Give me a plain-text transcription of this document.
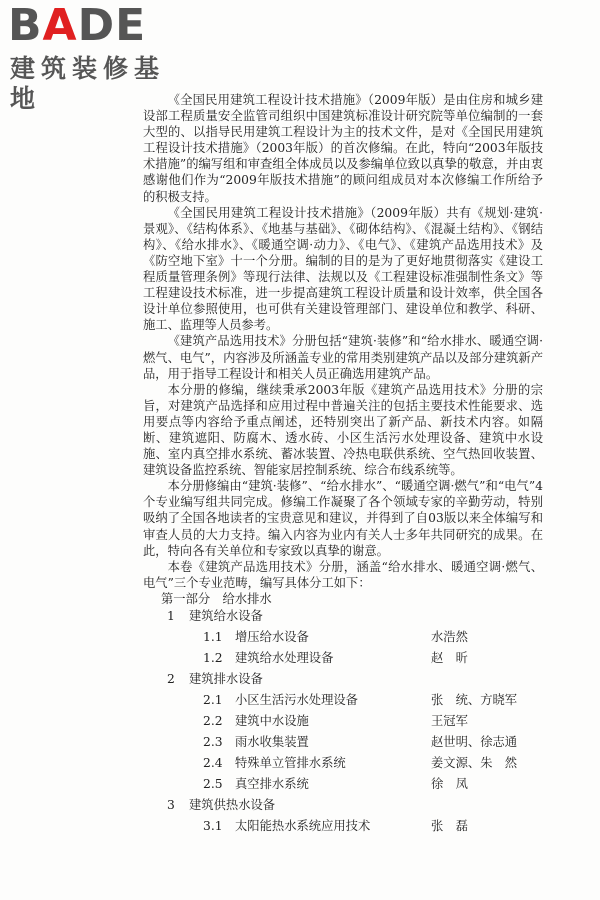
BADE
建筑装修基地	《全国民用建筑工程设计技术措施》（2009年版）是由住房和城乡建设部工程质量安全监管司组织中国建筑标准设计研究院等单位编制的一套大型的、以指导民用建筑工程设计为主的技术文件，是对《全国民用建筑工程设计技术措施》（2003年版）的首次修编。在此，特向“2003年版技术措施”的编写组和审查组全体成员以及参编单位致以真挚的敬意，并由衷感谢他们作为“2009年版技术措施”的顾问组成员对本次修编工作所给予的积极支持。

《全国民用建筑工程设计技术措施》（2009年版）共有《规划·建筑·景观》、《结构体系》、《地基与基础》、《砌体结构》、《混凝土结构》、《钢结构》、《给水排水》、《暖通空调·动力》、《电气》、《建筑产品选用技术》及《防空地下室》十一个分册。编制的目的是为了更好地贯彻落实《建设工程质量管理条例》等现行法律、法规以及《工程建设标准强制性条文》等工程建设技术标准，进一步提高建筑工程设计质量和设计效率，供全国各设计单位参照使用，也可供有关建设管理部门、建设单位和教学、科研、施工、监理等人员参考。

《建筑产品选用技术》分册包括“建筑·装修”和“给水排水、暖通空调·燃气、电气”，内容涉及所涵盖专业的常用类别建筑产品以及部分建筑新产品，用于指导工程设计和相关人员正确选用建筑产品。

本分册的修编，继续秉承2003年版《建筑产品选用技术》分册的宗旨，对建筑产品选择和应用过程中普遍关注的包括主要技术性能要求、选用要点等内容给予重点阐述，还特别突出了新产品、新技术内容。如隔断、建筑遮阳、防腐木、透水砖、小区生活污水处理设备、建筑中水设施、室内真空排水系统、蓄冰装置、冷热电联供系统、空气热回收装置、建筑设备监控系统、智能家居控制系统、综合布线系统等。

本分册修编由“建筑·装修”、“给水排水”、“暖通空调·燃气”和“电气”4个专业编写组共同完成。修编工作凝聚了各个领域专家的辛勤劳动，特别吸纳了全国各地读者的宝贵意见和建议，并得到了自03版以来全体编写和审查人员的大力支持。编入内容为业内有关人士多年共同研究的成果。在此，特向各有关单位和专家致以真挚的谢意。

本卷《建筑产品选用技术》分册，涵盖“给水排水、暖通空调·燃气、电气”三个专业范畴，编写具体分工如下：

第一部分　给水排水
1 建筑给水设备
1.1 增压给水设备	水浩然
1.2 建筑给水处理设备	赵　昕
2 建筑排水设备
2.1 小区生活污水处理设备	张　统、方晓军
2.2 建筑中水设施	王冠军
2.3 雨水收集装置	赵世明、徐志通
2.4 特殊单立管排水系统	姜文源、朱　然
2.5 真空排水系统	徐　凤
3 建筑供热水设备
3.1 太阳能热水系统应用技术	张　磊
